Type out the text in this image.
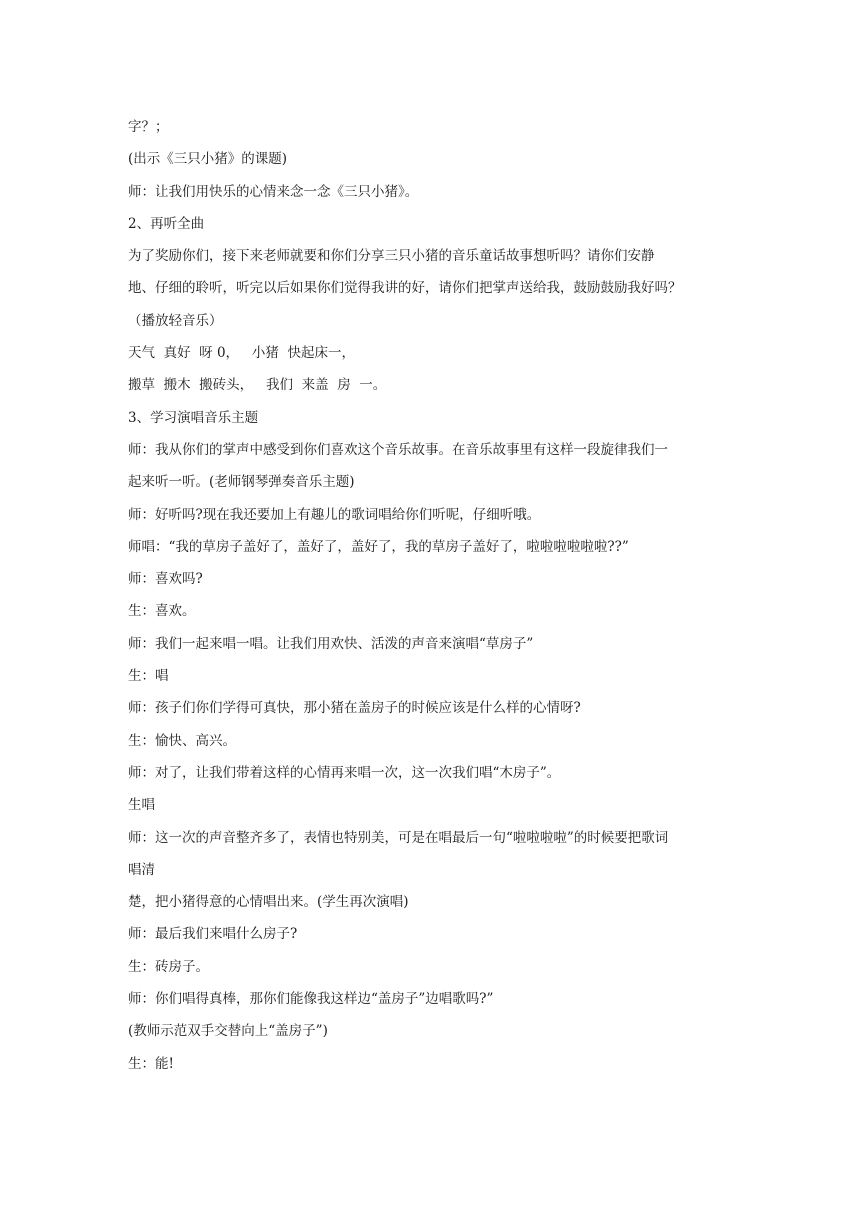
字？；

(出示《三只小猪》的课题)

师：让我们用快乐的心情来念一念《三只小猪》。

2、再听全曲

为了奖励你们，接下来老师就要和你们分享三只小猪的音乐童话故事想听吗？请你们安静

地、仔细的聆听，听完以后如果你们觉得我讲的好，请你们把掌声送给我，鼓励鼓励我好吗？

（播放轻音乐）

天气  真好  呀 0，   小猪  快起床一，

搬草  搬木  搬砖头，   我们  来盖  房  一。

3、学习演唱音乐主题

师：我从你们的掌声中感受到你们喜欢这个音乐故事。在音乐故事里有这样一段旋律我们一

起来听一听。(老师钢琴弹奏音乐主题)

师：好听吗?现在我还要加上有趣儿的歌词唱给你们听呢，仔细听哦。

师唱：“我的草房子盖好了，盖好了，盖好了，我的草房子盖好了，啦啦啦啦啦啦??”

师：喜欢吗?

生：喜欢。

师：我们一起来唱一唱。让我们用欢快、活泼的声音来演唱“草房子”

生：唱

师：孩子们你们学得可真快，那小猪在盖房子的时候应该是什么样的心情呀?

生：愉快、高兴。

师：对了，让我们带着这样的心情再来唱一次，这一次我们唱“木房子”。

生唱

师：这一次的声音整齐多了，表情也特别美，可是在唱最后一句“啦啦啦啦”的时候要把歌词

唱清

楚，把小猪得意的心情唱出来。(学生再次演唱)

师：最后我们来唱什么房子?

生：砖房子。

师：你们唱得真棒，那你们能像我这样边“盖房子”边唱歌吗?”

(教师示范双手交替向上“盖房子”)

生：能!
